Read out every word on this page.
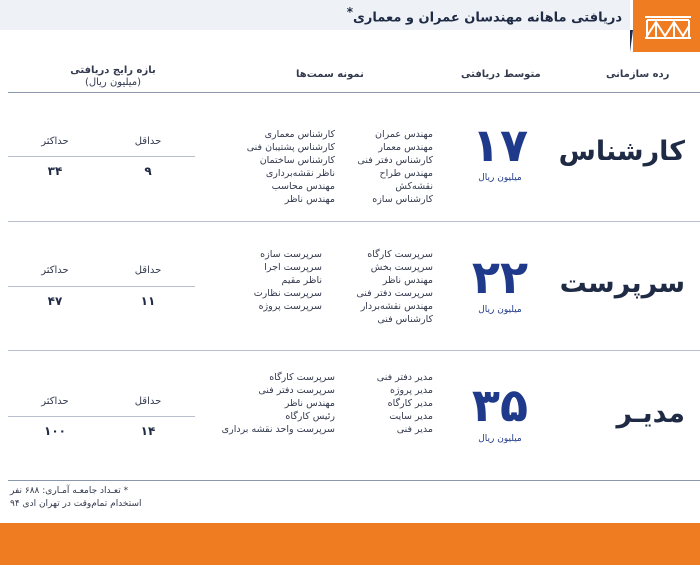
دریافتی ماهانه مهندسان عمران و معماری*
رده سازمانی
متوسط دریافتی
نمونه سمت‌ها
بازه رایج دریافتی
(میلیون ریال)
کارشناس
۱۷
میلیون ریال
مهندس عمران
مهندس معمار
کارشناس دفتر فنی
مهندس طراح
نقشه‌کش
کارشناس سازه
کارشناس معماری
کارشناس پشتیبان فنی
کارشناس ساختمان
ناظر نقشه‌برداری
مهندس محاسب
مهندس ناظر
حداقل
حداکثر
۹
۳۴
سرپرست
۲۲
میلیون ریال
سرپرست کارگاه
سرپرست بخش
مهندس ناظر
سرپرست دفتر فنی
مهندس نقشه‌بردار
کارشناس فنی
سرپرست سازه
سرپرست اجرا
ناظر مقیم
سرپرست نظارت
سرپرست پروژه
حداقل
حداکثر
۱۱
۴۷
مدیـر
۳۵
میلیون ریال
مدیر دفتر فنی
مدیر پروژه
مدیر کارگاه
مدیر سایت
مدیر فنی
سرپرست کارگاه
سرپرست دفتر فنی
مهندس ناظر
رئیس کارگاه
سرپرست واحد نقشه برداری
حداقل
حداکثر
۱۴
۱۰۰
* تعـداد جامعـه آمـاری: ۶۸۸ نفر
استخدام تمام‌وقت در تهران ادی ۹۴
